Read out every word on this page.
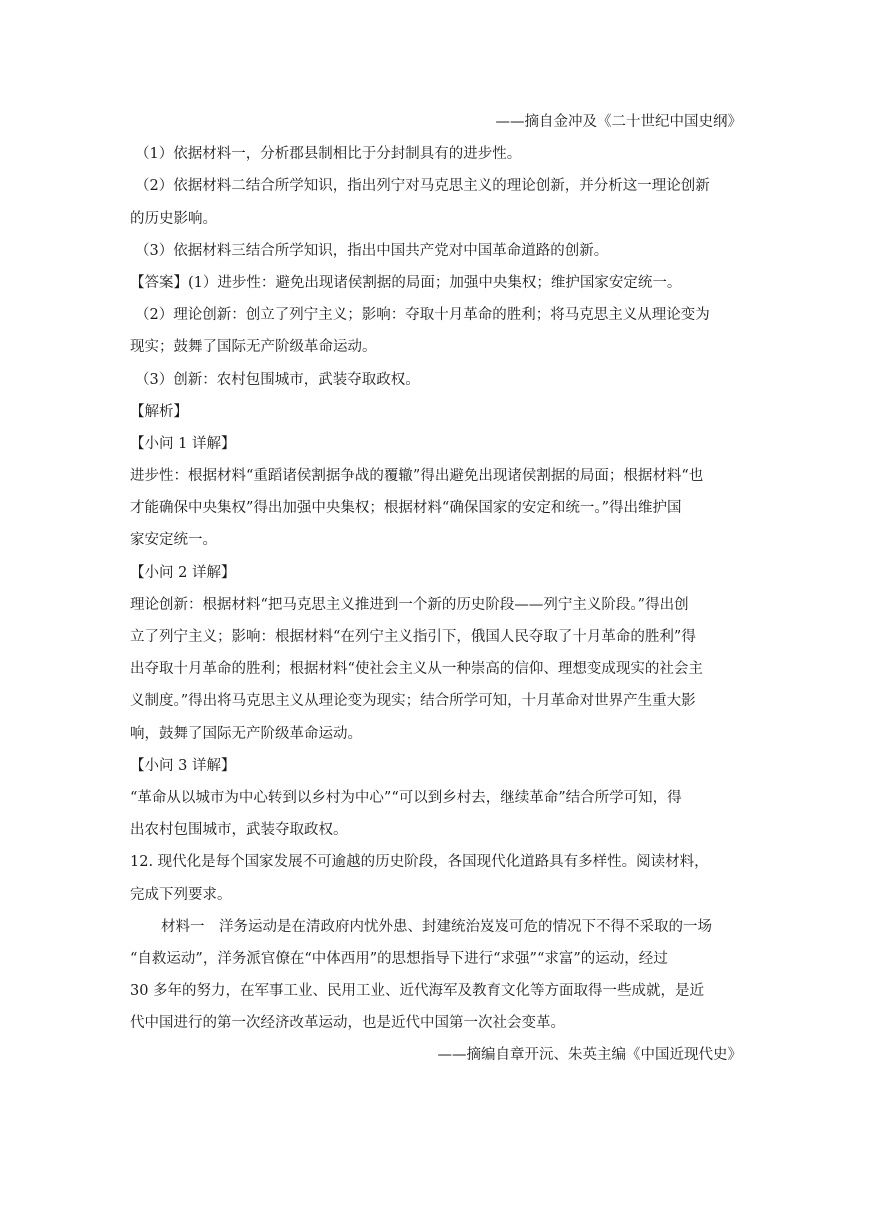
——摘自金冲及《二十世纪中国史纲》
（1）依据材料一，分析郡县制相比于分封制具有的进步性。
（2）依据材料二结合所学知识，指出列宁对马克思主义的理论创新，并分析这一理论创新
的历史影响。
（3）依据材料三结合所学知识，指出中国共产党对中国革命道路的创新。
【答案】(1）进步性：避免出现诸侯割据的局面；加强中央集权；维护国家安定统一。
（2）理论创新：创立了列宁主义；影响：夺取十月革命的胜利；将马克思主义从理论变为
现实；鼓舞了国际无产阶级革命运动。
（3）创新：农村包围城市，武装夺取政权。
【解析】
【小问 1 详解】
进步性：根据材料“重蹈诸侯割据争战的覆辙”得出避免出现诸侯割据的局面；根据材料“也
才能确保中央集权”得出加强中央集权；根据材料“确保国家的安定和统一。”得出维护国
家安定统一。
【小问 2 详解】
理论创新：根据材料“把马克思主义推进到一个新的历史阶段——列宁主义阶段。”得出创
立了列宁主义；影响：根据材料“在列宁主义指引下，俄国人民夺取了十月革命的胜利”得
出夺取十月革命的胜利；根据材料“使社会主义从一种崇高的信仰、理想变成现实的社会主
义制度。”得出将马克思主义从理论变为现实；结合所学可知，十月革命对世界产生重大影
响，鼓舞了国际无产阶级革命运动。
【小问 3 详解】
“革命从以城市为中心转到以乡村为中心”“可以到乡村去，继续革命”结合所学可知，得
出农村包围城市，武装夺取政权。
12. 现代化是每个国家发展不可逾越的历史阶段，各国现代化道路具有多样性。阅读材料，
完成下列要求。
材料一　洋务运动是在清政府内忧外患、封建统治岌岌可危的情况下不得不采取的一场
“自救运动”，洋务派官僚在“中体西用”的思想指导下进行“求强”“求富”的运动，经过
30 多年的努力，在军事工业、民用工业、近代海军及教育文化等方面取得一些成就，是近
代中国进行的第一次经济改革运动，也是近代中国第一次社会变革。
——摘编自章开沅、朱英主编《中国近现代史》
